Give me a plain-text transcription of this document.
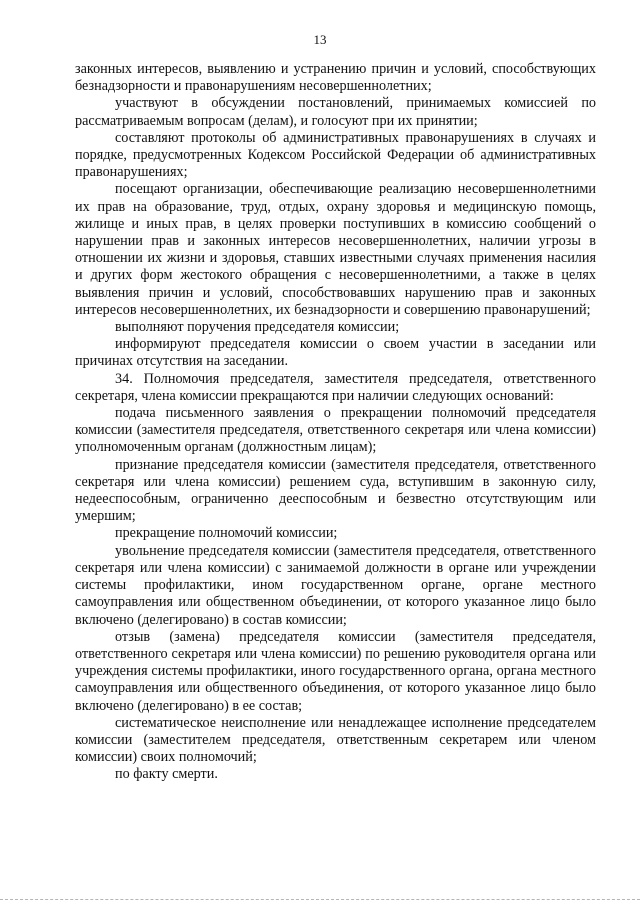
13

законных интересов, выявлению и устранению причин и условий, способствующих безнадзорности и правонарушениям несовершеннолетних;

участвуют в обсуждении постановлений, принимаемых комиссией по рассматриваемым вопросам (делам), и голосуют при их принятии;

составляют протоколы об административных правонарушениях в случаях и порядке, предусмотренных Кодексом Российской Федерации об административных правонарушениях;

посещают организации, обеспечивающие реализацию несовершеннолетними их прав на образование, труд, отдых, охрану здоровья и медицинскую помощь, жилище и иных прав, в целях проверки поступивших в комиссию сообщений о нарушении прав и законных интересов несовершеннолетних, наличии угрозы в отношении их жизни и здоровья, ставших известными случаях применения насилия и других форм жестокого обращения с несовершеннолетними, а также в целях выявления причин и условий, способствовавших нарушению прав и законных интересов несовершеннолетних, их безнадзорности и совершению правонарушений;

выполняют поручения председателя комиссии;

информируют председателя комиссии о своем участии в заседании или причинах отсутствия на заседании.

34. Полномочия председателя, заместителя председателя, ответственного секретаря, члена комиссии прекращаются при наличии следующих оснований:

подача письменного заявления о прекращении полномочий председателя комиссии (заместителя председателя, ответственного секретаря или члена комиссии) уполномоченным органам (должностным лицам);

признание председателя комиссии (заместителя председателя, ответственного секретаря или члена комиссии) решением суда, вступившим в законную силу, недееспособным, ограниченно дееспособным и безвестно отсутствующим или умершим;

прекращение полномочий комиссии;

увольнение председателя комиссии (заместителя председателя, ответственного секретаря или члена комиссии) с занимаемой должности в органе или учреждении системы профилактики, ином государственном органе, органе местного самоуправления или общественном объединении, от которого указанное лицо было включено (делегировано) в состав комиссии;

отзыв (замена) председателя комиссии (заместителя председателя, ответственного секретаря или члена комиссии) по решению руководителя органа или учреждения системы профилактики, иного государственного органа, органа местного самоуправления или общественного объединения, от которого указанное лицо было включено (делегировано) в ее состав;

систематическое неисполнение или ненадлежащее исполнение председателем комиссии (заместителем председателя, ответственным секретарем или членом комиссии) своих полномочий;

по факту смерти.
